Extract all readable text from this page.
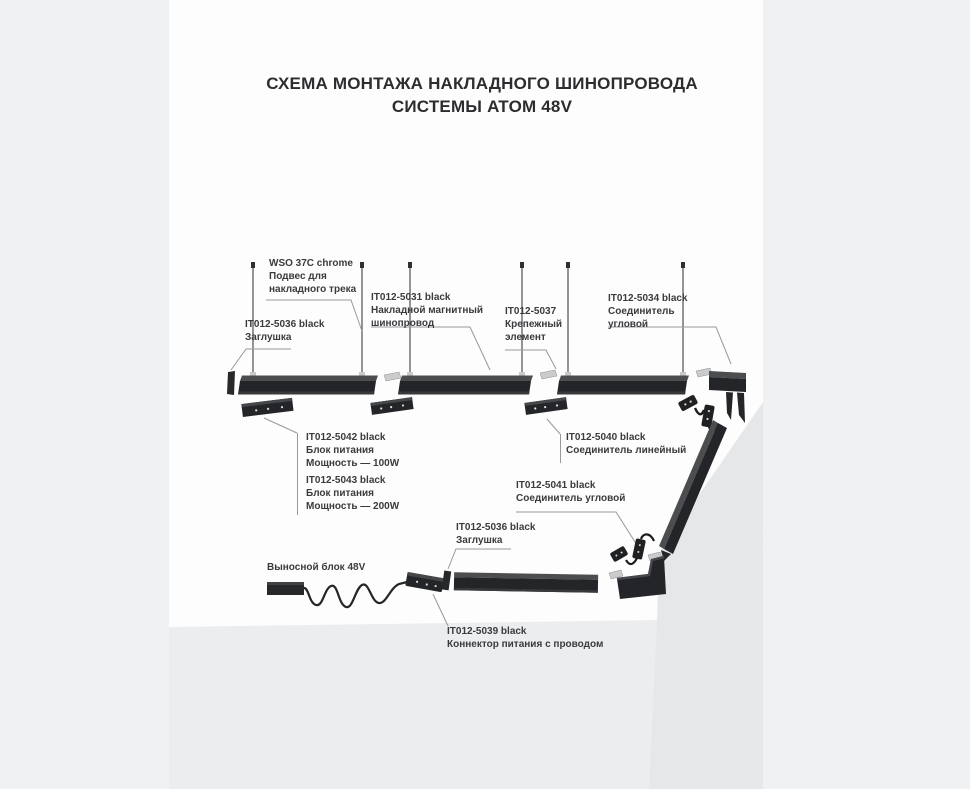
СХЕМА МОНТАЖА НАКЛАДНОГО ШИНОПРОВОДА
СИСТЕМЫ ATOM 48V
WSO 37C chrome
Подвес для
накладного трека
IT012-5036 black
Заглушка
IT012-5031 black
Накладной магнитный
шинопровод
IT012-5037
Крепежный
элемент
IT012-5034 black
Соединитель
угловой
IT012-5042 black
Блок питания
Мощность — 100W
IT012-5043 black
Блок питания
Мощность — 200W
IT012-5040 black
Соединитель линейный
IT012-5041 black
Соединитель угловой
IT012-5036 black
Заглушка
Выносной блок 48V
IT012-5039 black
Коннектор питания с проводом
